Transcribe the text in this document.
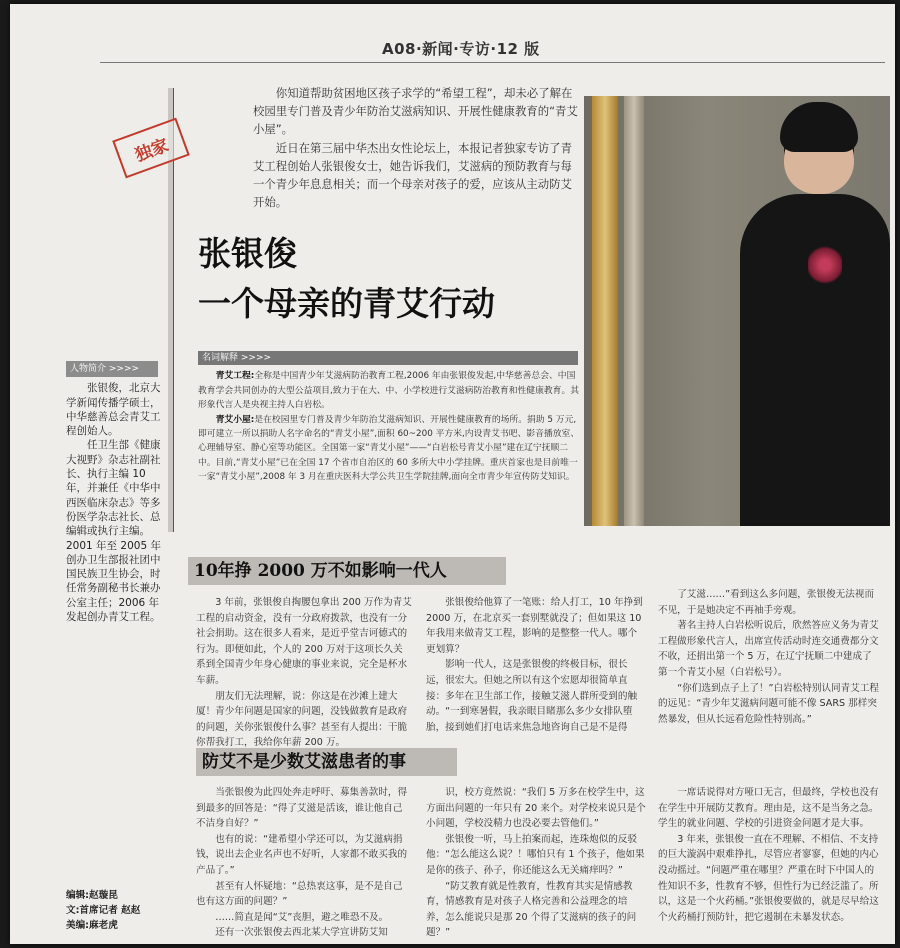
A08·新闻·专访·12 版
独家

你知道帮助贫困地区孩子求学的“希望工程”，却未必了解在校园里专门普及青少年防治艾滋病知识、开展性健康教育的“青艾小屋”。

近日在第三届中华杰出女性论坛上，本报记者独家专访了青艾工程创始人张银俊女士，她告诉我们，艾滋病的预防教育与每一个青少年息息相关；而一个母亲对孩子的爱，应该从主动防艾开始。

张银俊
一个母亲的青艾行动
人物简介 >>>>

张银俊，北京大学新闻传播学硕士，中华慈善总会青艾工程创始人。

任卫生部《健康大视野》杂志社副社长、执行主编 10 年，并兼任《中华中西医临床杂志》等多份医学杂志社长、总编辑或执行主编。2001 年至 2005 年创办卫生部报社团中国民族卫生协会，时任常务副秘书长兼办公室主任；2006 年发起创办青艾工程。

名词解释 >>>>

青艾工程:全称是中国青少年艾滋病防治教育工程,2006 年由张银俊发起,中华慈善总会、中国教育学会共同创办的大型公益项目,致力于在大、中、小学校进行艾滋病防治教育和性健康教育。其形象代言人是央视主持人白岩松。

青艾小屋:是在校园里专门普及青少年防治艾滋病知识、开展性健康教育的场所。捐助 5 万元,即可建立一所以捐助人名字命名的“青艾小屋”,面积 60~200 平方米,内设青艾书吧、影音播放室、心理辅导室、静心室等功能区。全国第一家“青艾小屋”——“白岩松号青艾小屋”建在辽宁抚顺二中。目前,“青艾小屋”已在全国 17 个省市自治区的 60 多所大中小学挂牌。重庆首家也是目前唯一一家“青艾小屋”,2008 年 3 月在重庆医科大学公共卫生学院挂牌,面向全市青少年宣传防艾知识。

10年挣 2000 万不如影响一代人

3 年前，张银俊自掏腰包拿出 200 万作为青艾工程的启动资金，没有一分政府拨款，也没有一分社会捐助。这在很多人看来，是近乎堂吉诃德式的行为。即便如此，个人的 200 万对于这项长久关系到全国青少年身心健康的事业来说，完全是杯水车薪。

朋友们无法理解，说：你这是在沙滩上建大厦！青少年问题是国家的问题，没钱做教育是政府的问题，关你张银俊什么事？甚至有人提出：干脆你帮我打工，我给你年薪 200 万。

张银俊给他算了一笔账：给人打工，10 年挣到 2000 万，在北京买一套别墅就没了；但如果这 10 年我用来做青艾工程，影响的是整整一代人。哪个更划算？

影响一代人，这是张银俊的终极目标，很长远，很宏大。但她之所以有这个宏愿却很简单直接：多年在卫生部工作，接触艾滋人群所受到的触动。“一到寒暑假，我亲眼目睹那么多少女排队堕胎，接到她们打电话来焦急地咨询自己是不是得

了艾滋……”看到这么多问题，张银俊无法视而不见，于是她决定不再袖手旁观。

著名主持人白岩松听说后，欣然答应义务为青艾工程做形象代言人，出席宣传活动时连交通费都分文不收，还捐出第一个 5 万，在辽宁抚顺二中建成了第一个青艾小屋（白岩松号）。

“你们选到点子上了！”白岩松特别认同青艾工程的远见：“青少年艾滋病问题可能不像 SARS 那样突然暴发，但从长远看危险性特别高。”

防艾不是少数艾滋患者的事

当张银俊为此四处奔走呼吁、募集善款时，得到最多的回答是：“得了艾滋是活该，谁让他自己不洁身自好？”

也有的说：“建希望小学还可以，为艾滋病捐钱，说出去企业名声也不好听，人家都不敢买我的产品了。”

甚至有人怀疑地：“总热衷这事，是不是自己也有这方面的问题？”

……简直是闻“艾”丧胆，避之唯恐不及。

还有一次张银俊去西北某大学宣讲防艾知

识，校方竟然说：“我们 5 万多在校学生中，这方面出问题的一年只有 20 来个。对学校来说只是个小问题，学校没精力也没必要去管他们。”

张银俊一听，马上拍案而起，连珠炮似的反驳他：“怎么能这么说？！哪怕只有 1 个孩子，他如果是你的孩子、孙子，你还能这么无关痛痒吗？”

“防艾教育就是性教育，性教育其实是情感教育，情感教育是对孩子人格完善和公益理念的培养，怎么能说只是那 20 个得了艾滋病的孩子的问题？”

一席话说得对方哑口无言，但最终，学校也没有在学生中开展防艾教育。理由是，这不是当务之急。学生的就业问题、学校的引进资金问题才是大事。

3 年来，张银俊一直在不理解、不相信、不支持的巨大漩涡中艰难挣扎，尽管应者寥寥，但她的内心没动摇过。“问题严重在哪里？严重在时下中国人的性知识不多，性教育不够，但性行为已经泛滥了。所以，这是一个火药桶。”张银俊要做的，就是尽早给这个火药桶打预防针，把它遏制在未暴发状态。

编辑:赵璇昆
文:首席记者 赵赵
美编:麻老虎
